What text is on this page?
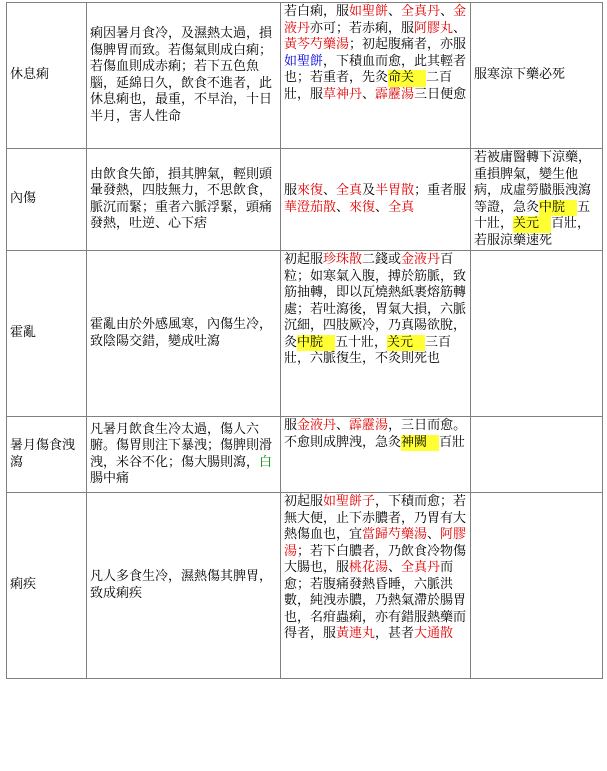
休息痢	痢因暑月食冷，及濕熱太過，損傷脾胃而致。若傷氣則成白痢；若傷血則成赤痢；若下五色魚腦，延綿日久，飲食不進者，此休息痢也，最重，不早治，十日半月，害人性命	若白痢，服如聖餅、全真丹、金液丹亦可；若赤痢，服阿膠丸、黃芩芍藥湯；初起腹痛者，亦服如聖餅，下積血而愈，此其輕者也；若重者，先灸命关 二百壯，服草神丹、霹靂湯三日便愈	服寒涼下藥必死
內傷	由飲食失節，損其脾氣，輕則頭暈發熱，四肢無力，不思飲食，脈沉而緊；重者六脈浮緊，頭痛發熱，吐逆、心下痞	服來復、全真及半胃散；重者服華澄茄散、來復、全真	若被庸醫轉下涼藥，重損脾氣，變生他病，成虛勞臌脹洩瀉等證，急灸中脘 五十壯，关元 百壯，若服涼藥速死
霍亂	霍亂由於外感風寒，內傷生冷，致陰陽交錯，變成吐瀉	初起服珍珠散二錢或金液丹百粒；如寒氣入腹，搏於筋脈，致筋抽轉，即以瓦燒熱紙裹熔筋轉處；若吐瀉後，胃氣大損，六脈沉細，四肢厥冷，乃真陽欲脫，灸中脘 五十壯，关元 三百壯，六脈復生，不灸則死也	
暑月傷食洩瀉	凡暑月飲食生冷太過，傷人六腑。傷胃則注下暴洩；傷脾則滑洩，米谷不化；傷大腸則瀉，白腸中痛	服金液丹、霹靂湯，三日而愈。不愈則成脾洩，急灸神闕 百壯	
痢疾	凡人多食生冷，濕熱傷其脾胃，致成痢疾	初起服如聖餅子，下積而愈；若無大便，止下赤膿者，乃胃有大熱傷血也，宜當歸芍藥湯、阿膠湯；若下白膿者，乃飲食冷物傷大腸也，服桃花湯、全真丹而愈；若腹痛發熱昏睡，六脈洪數，純洩赤膿，乃熱氣滯於腸胃也，名疳蟲痢，亦有錯服熱藥而得者，服黃連丸，甚者大通散	
